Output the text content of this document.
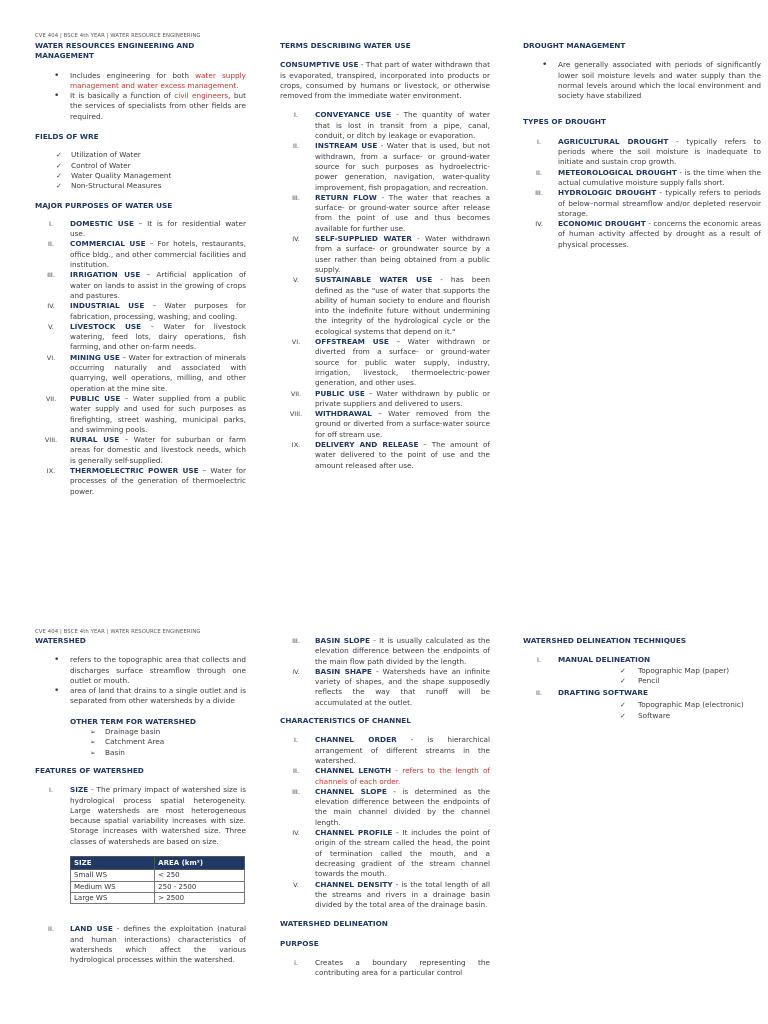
CVE 404 | BSCE 4th YEAR | WATER RESOURCE ENGINEERING
WATER RESOURCES ENGINEERING AND MANAGEMENT
• Includes engineering for both water supply management and water excess management.
• It is basically a function of civil engineers, but the services of specialists from other fields are required.
FIELDS OF WRE
✓ Utilization of Water
✓ Control of Water
✓ Water Quality Management
✓ Non-Structural Measures
MAJOR PURPOSES OF WATER USE
I.	DOMESTIC USE – It is for residential water use.
II.	COMMERCIAL USE – For hotels, restaurants, office bldg., and other commercial facilities and institution.
III.	IRRIGATION USE – Artificial application of water on lands to assist in the growing of crops and pastures.
IV.	INDUSTRIAL USE – Water purposes for fabrication, processing, washing, and cooling.
V.	LIVESTOCK USE – Water for livestock watering, feed lots, dairy operations, fish farming, and other on-farm needs.
VI.	MINING USE – Water for extraction of minerals occurring naturally and associated with quarrying, well operations, milling, and other operation at the mine site.
VII.	PUBLIC USE – Water supplied from a public water supply and used for such purposes as firefighting, street washing, municipal parks, and swimming pools.
VIII.	RURAL USE – Water for suburban or farm areas for domestic and livestock needs, which is generally self-supplied.
IX.	THERMOELECTRIC POWER USE – Water for processes of the generation of thermoelectric power.
TERMS DESCRIBING WATER USE
CONSUMPTIVE USE - That part of water withdrawn that is evaporated, transpired, incorporated into products or crops, consumed by humans or livestock, or otherwise removed from the immediate water environment.
I.	CONVEYANCE USE - The quantity of water that is lost in transit from a pipe, canal, conduit, or ditch by leakage or evaporation.
II.	INSTREAM USE - Water that is used, but not withdrawn, from a surface- or ground-water source for such purposes as hydroelectric-power generation, navigation, water-quality improvement, fish propagation, and recreation.
III.	RETURN FLOW - The water that reaches a surface- or ground-water source after release from the point of use and thus becomes available for further use.
IV.	SELF-SUPPLIED WATER - Water withdrawn from a surface- or groundwater source by a user rather than being obtained from a public supply.
V.	SUSTAINABLE WATER USE - has been defined as the "use of water that supports the ability of human society to endure and flourish into the indefinite future without undermining the integrity of the hydrological cycle or the ecological systems that depend on it."
VI.	OFFSTREAM USE – Water withdrawn or diverted from a surface- or ground-water source for public water supply, industry, irrigation, livestock, thermoelectric-power generation, and other uses.
VII.	PUBLIC USE – Water withdrawn by public or private suppliers and delivered to users.
VIII.	WITHDRAWAL – Water removed from the ground or diverted from a surface-water source for off stream use.
IX.	DELIVERY AND RELEASE – The amount of water delivered to the point of use and the amount released after use.
DROUGHT MANAGEMENT
• Are generally associated with periods of significantly lower soil moisture levels and water supply than the normal levels around which the local environment and society have stabilized
TYPES OF DROUGHT
I.	AGRICULTURAL DROUGHT - typically refers to periods where the soil moisture is inadequate to initiate and sustain crop growth.
II.	METEOROLOGICAL DROUGHT - is the time when the actual cumulative moisture supply falls short.
III.	HYDROLOGIC DROUGHT - typically refers to periods of below–normal streamflow and/or depleted reservoir storage.
IV.	ECONOMIC DROUGHT - concerns the economic areas of human activity affected by drought as a result of physical processes.
CVE 404 | BSCE 4th YEAR | WATER RESOURCE ENGINEERING
WATERSHED
• refers to the topographic area that collects and discharges surface streamflow through one outlet or mouth.
• area of land that drains to a single outlet and is separated from other watersheds by a divide
OTHER TERM FOR WATERSHED
➢ Drainage basin
➢ Catchment Area
➢ Basin
FEATURES OF WATERSHED
I.	SIZE - The primary impact of watershed size is hydrological process spatial heterogeneity. Large watersheds are most heterogeneous because spatial variability increases with size. Storage increases with watershed size. Three classes of watersheds are based on size.
SIZE	AREA (km²)
Small WS	< 250
Medium WS	250 - 2500
Large WS	> 2500
II.	LAND USE - defines the exploitation (natural and human interactions) characteristics of watersheds which affect the various hydrological processes within the watershed.
III.	BASIN SLOPE - It is usually calculated as the elevation difference between the endpoints of the main flow path divided by the length.
IV.	BASIN SHAPE - Watersheds have an infinite variety of shapes, and the shape supposedly reflects the way that runoff will be accumulated at the outlet.
CHARACTERISTICS OF CHANNEL
I.	CHANNEL ORDER - is hierarchical arrangement of different streams in the watershed.
II.	CHANNEL LENGTH - refers to the length of channels of each order.
III.	CHANNEL SLOPE - is determined as the elevation difference between the endpoints of the main channel divided by the channel length.
IV.	CHANNEL PROFILE - It includes the point of origin of the stream called the head, the point of termination called the mouth, and a decreasing gradient of the stream channel towards the mouth.
V.	CHANNEL DENSITY - is the total length of all the streams and rivers in a drainage basin divided by the total area of the drainage basin.
WATERSHED DELINEATION
PURPOSE
i.	Creates a boundary representing the contributing area for a particular control
WATERSHED DELINEATION TECHNIQUES
I.	MANUAL DELINEATION
✓ Topographic Map (paper)
✓ Pencil
II.	DRAFTING SOFTWARE
✓ Topographic Map (electronic)
✓ Software
